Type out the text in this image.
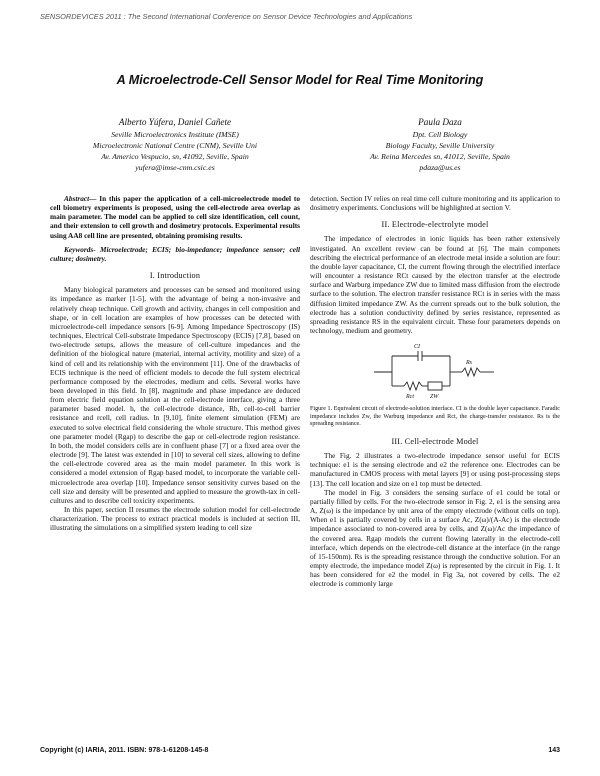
SENSORDEVICES 2011 : The Second International Conference on Sensor Device Technologies and Applications
A Microelectrode-Cell Sensor Model for Real Time Monitoring
Alberto Yúfera, Daniel Cañete
Seville Microelectronics Institute (IMSE)
Microelectronic National Centre (CNM), Seville Uni
Av. Americo Vespucio, sn, 41092, Seville, Spain
yufera@imse-cnm.csic.es
Paula Daza
Dpt. Cell Biology
Biology Faculty, Seville University
Av. Reina Mercedes sn, 41012, Seville, Spain
pdaza@us.es

Abstract— In this paper the application of a cell-microelectrode model to cell biometry experiments is proposed, using the cell-electrode area overlap as main parameter. The model can be applied to cell size identification, cell count, and their extension to cell growth and dosimetry protocols. Experimental results using AA8 cell line are presented, obtaining promising results.

Keywords- Microelectrode; ECIS; bio-impedance; impedance sensor; cell culture; dosimetry.

I. Introduction

Many biological parameters and processes can be sensed and monitored using its impedance as marker [1-5], with the advantage of being a non-invasive and relatively cheap technique. Cell growth and activity, changes in cell composition and shape, or in cell location are examples of how processes can be detected with microelectrode-cell impedance sensors [6-9]. Among Impedance Spectroscopy (IS) techniques, Electrical Cell-substrate Impedance Spectroscopy (ECIS) [7,8], based on two-electrode setups, allows the measure of cell-culture impedances and the definition of the biological nature (material, internal activity, motility and size) of a kind of cell and its relationship with the environment [11]. One of the drawbacks of ECIS technique is the need of efficient models to decode the full system electrical performance composed by the electrodes, medium and cells. Several works have been developed in this field. In [8], magnitude and phase impedance are deduced from electric field equation solution at the cell-electrode interface, giving a three parameter based model. h, the cell-electrode distance, Rb, cell-to-cell barrier resistance and rcell, cell radius. In [9,10], finite element simulation (FEM) are executed to solve electrical field considering the whole structure. This method gives one parameter model (Rgap) to describe the gap or cell-electrode region resistance. In both, the model considers cells are in confluent phase [7] or a fixed area over the electrode [9]. The latest was extended in [10] to several cell sizes, allowing to define the cell-electrode covered area as the main model parameter. In this work is considered a model extension of Rgap based model, to incorporate the variable cell-microelectrode area overlap [10]. Impedance sensor sensitivity curves based on the cell size and density will be presented and applied to measure the growth-tax in cell-cultures and to describe cell toxicity experiments.

In this paper, section II resumes the electrode solution model for cell-electrode characterization. The process to extract practical models is included at section III, illustrating the simulations on a simplified system leading to cell size

detection. Section IV relies on real time cell culture monitoring and its applicarion to dosimetry experiments. Conclusions will be highlighted at section V.

II. Electrode-electrolyte model

The impedance of electrodes in ionic liquids has been rather extensively investigated. An excellent review can be found at [6]. The main componets describing the electrical performance of an electrode metal inside a solution are four: the double layer capacitance, CI, the current flowing through the electrified interface will encounter a resistance RCt caused by the electron transfer at the electrode surface and Warburg impedance ZW due to limited mass diffusion from the electrode surface to the solution. The electron transfer resistance RCt is in series with the mass diffusion limited impedance ZW. As the current spreads out to the bulk solution, the electrode has a solution conductivity defined by series resistance, represented as spreading resistance RS in the equivalent circuit. These four parameters depends on technology, medium and geometry.

CI
ZW
Rct
Rs

Figure 1. Equivalent circuit of electrode-solution interface. CI is the double layer capacitance. Faradic impedance includes Zw, the Warburg impedance and Rct, the charge-transfer resistance. Rs is the spreading resistance.

III. Cell-electrode Model

The Fig. 2 illustrates a two-electrode impedance sensor useful for ECIS technique: e1 is the sensing electrode and e2 the reference one. Electrodes can be manufactured in CMOS process with metal layers [9] or using post-processing steps [13]. The cell location and size on e1 top must be detected.

The model in Fig. 3 considers the sensing surface of e1 could be total or partially filled by cells. For the two-electrode sensor in Fig. 2, e1 is the sensing area A, Z(ω) is the impedance by unit area of the empty electrode (without cells on top). When e1 is partially covered by cells in a surface Ac, Z(ω)/(A-Ac) is the electrode impedance associated to non-covered area by cells, and Z(ω)/Ac the impedance of the covered area. Rgap models the current flowing laterally in the electrode-cell interface, which depends on the electrode-cell distance at the interface (in the range of 15-150nm). Rs is the spreading resistance through the conductive solution. For an empty electrode, the impedance model Z(ω) is represented by the circuit in Fig. 1. It has been considered for e2 the model in Fig 3a, not covered by cells. The e2 electrode is commonly large

Copyright (c) IARIA, 2011. ISBN: 978-1-61208-145-8	143
